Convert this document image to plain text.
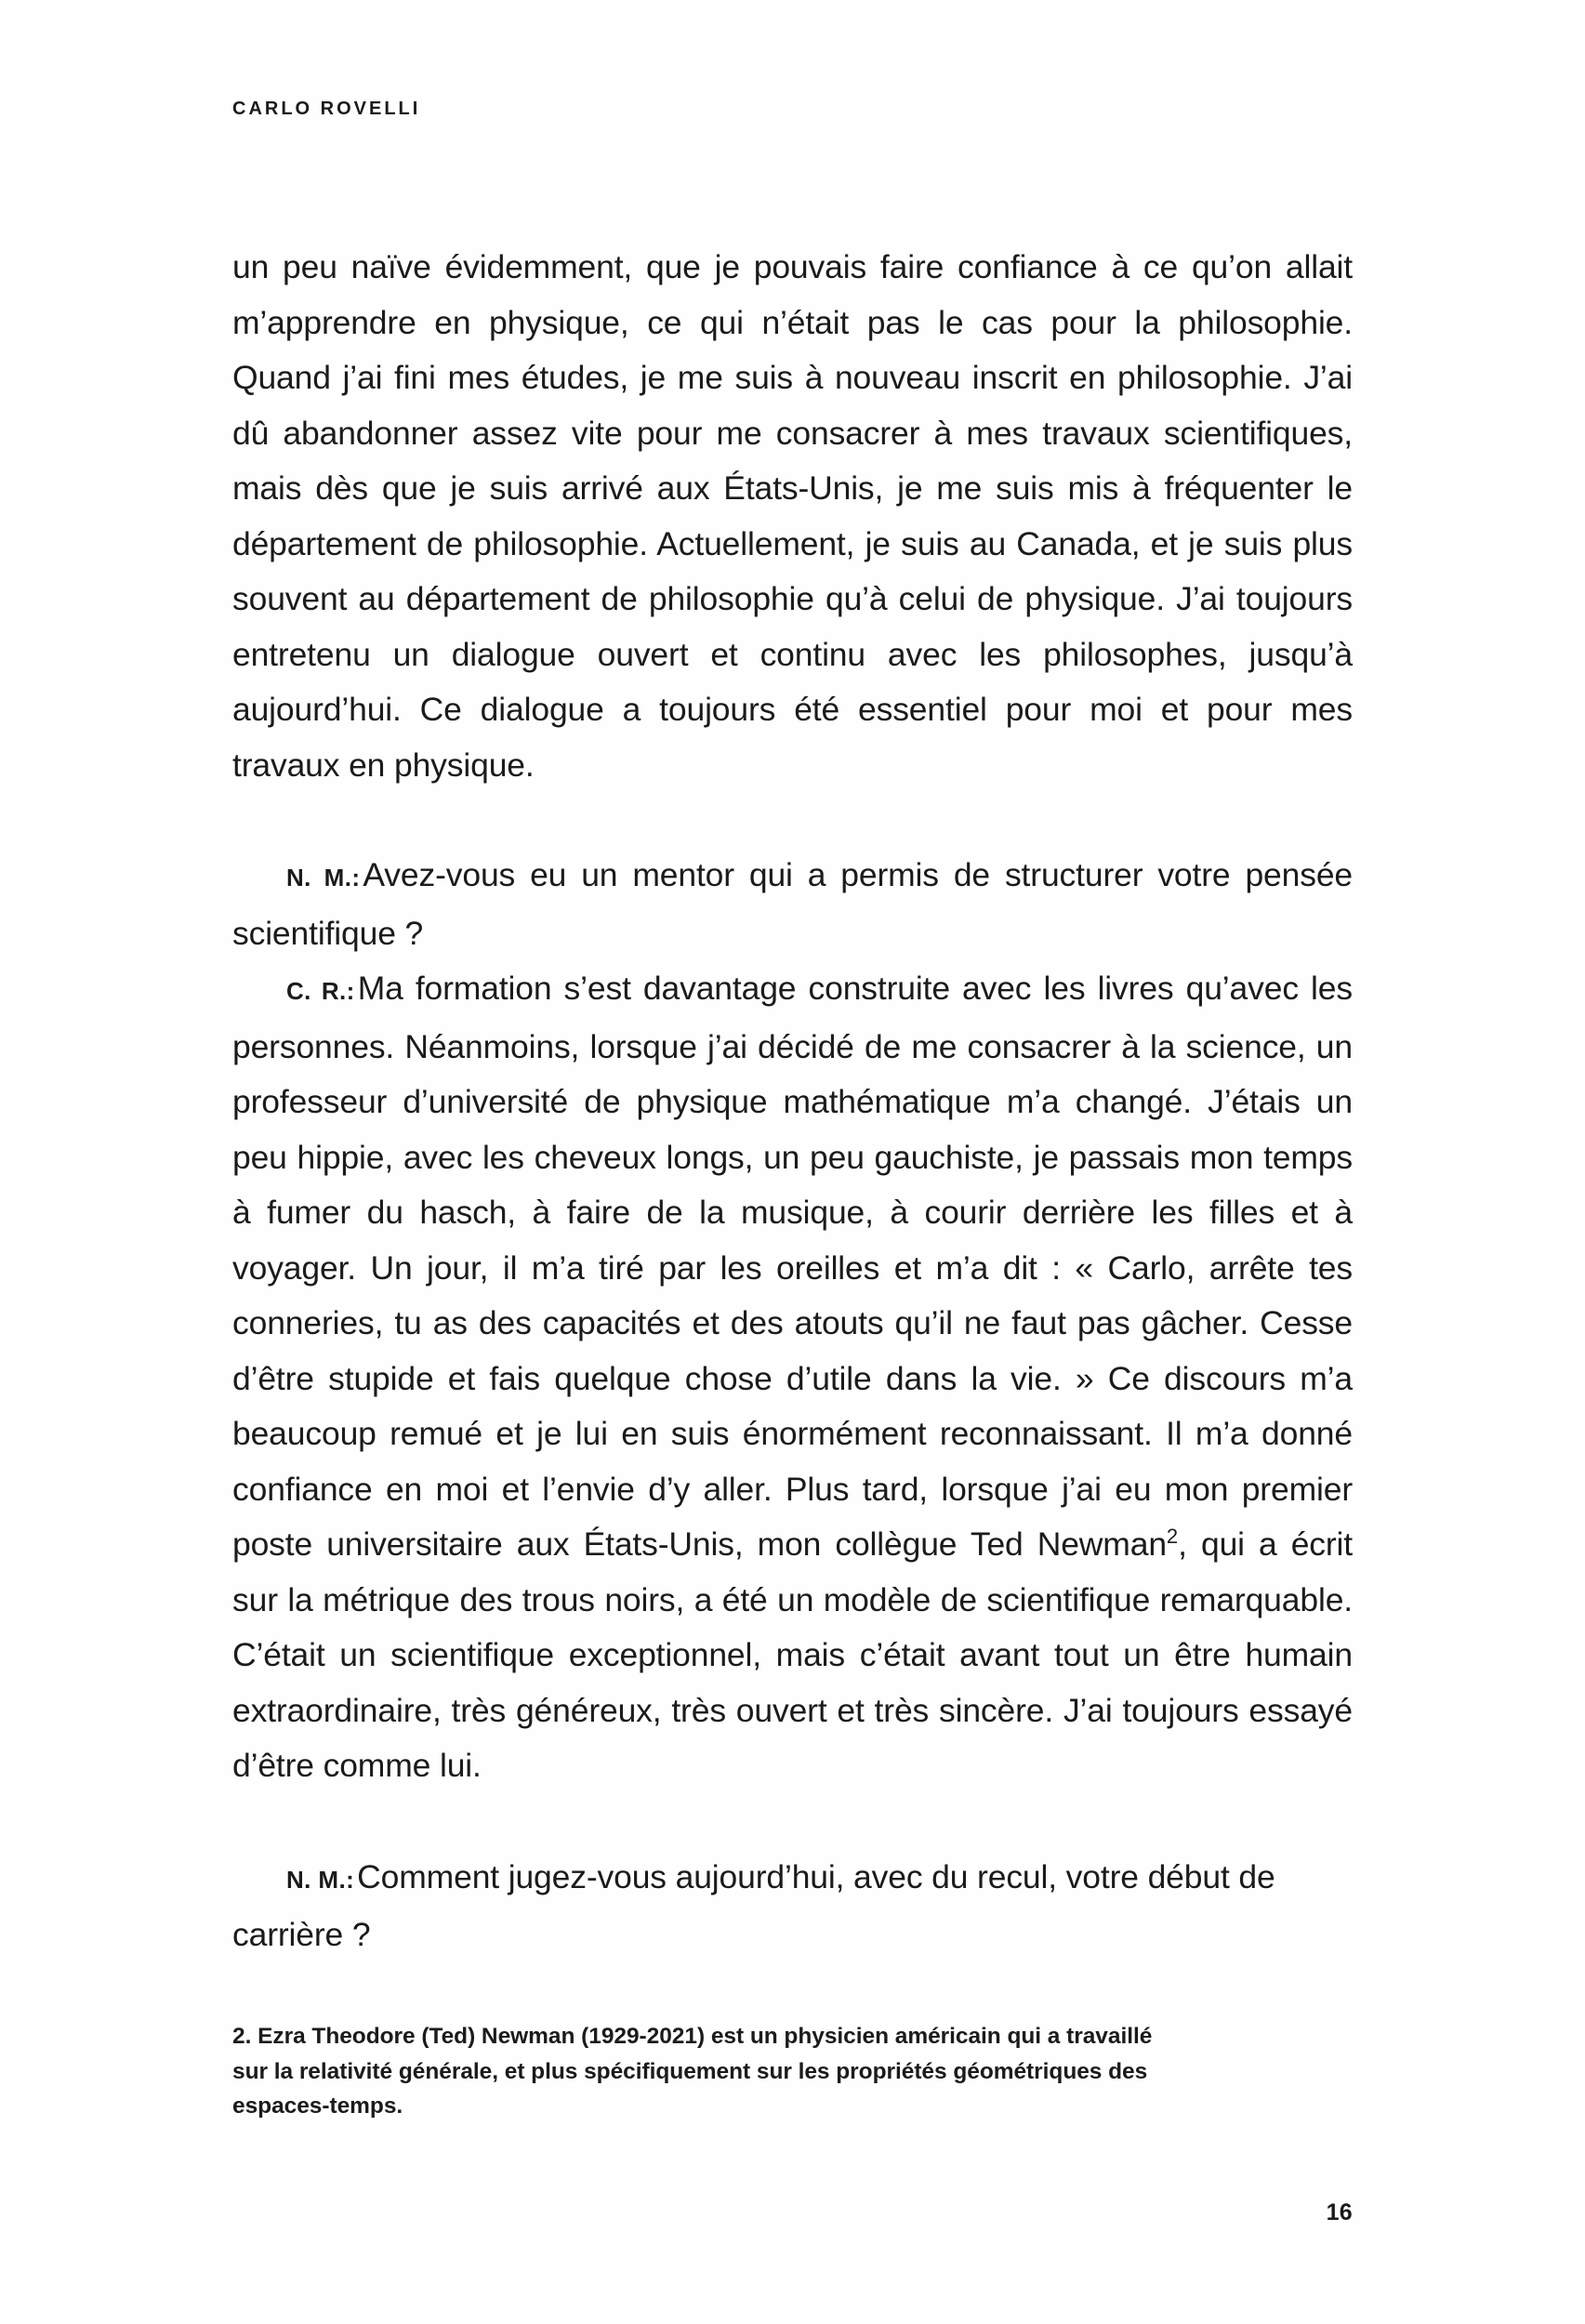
CARLO ROVELLI

un peu naïve évidemment, que je pouvais faire confiance à ce qu’on allait m’apprendre en physique, ce qui n’était pas le cas pour la philosophie. Quand j’ai fini mes études, je me suis à nouveau inscrit en philosophie. J’ai dû abandonner assez vite pour me consacrer à mes travaux scientifiques, mais dès que je suis arrivé aux États-Unis, je me suis mis à fréquenter le département de philosophie. Actuellement, je suis au Canada, et je suis plus souvent au département de philosophie qu’à celui de physique. J’ai toujours entretenu un dialogue ouvert et continu avec les philosophes, jusqu’à aujourd’hui. Ce dialogue a toujours été essentiel pour moi et pour mes travaux en physique.

N. M.:Avez-vous eu un mentor qui a permis de structurer votre pensée scientifique ?

C. R.:Ma formation s’est davantage construite avec les livres qu’avec les personnes. Néanmoins, lorsque j’ai décidé de me consacrer à la science, un professeur d’université de physique mathématique m’a changé. J’étais un peu hippie, avec les cheveux longs, un peu gauchiste, je passais mon temps à fumer du hasch, à faire de la musique, à courir derrière les filles et à voyager. Un jour, il m’a tiré par les oreilles et m’a dit : « Carlo, arrête tes conneries, tu as des capacités et des atouts qu’il ne faut pas gâcher. Cesse d’être stupide et fais quelque chose d’utile dans la vie. » Ce discours m’a beaucoup remué et je lui en suis énormément reconnaissant. Il m’a donné confiance en moi et l’envie d’y aller. Plus tard, lorsque j’ai eu mon premier poste universitaire aux États-Unis, mon collègue Ted Newman$^2$, qui a écrit sur la métrique des trous noirs, a été un modèle de scientifique remarquable. C’était un scientifique exceptionnel, mais c’était avant tout un être humain extraordinaire, très généreux, très ouvert et très sincère. J’ai toujours essayé d’être comme lui.

N. M.:Comment jugez-vous aujourd’hui, avec du recul, votre début de carrière ?

2. Ezra Theodore (Ted) Newman (1929-2021) est un physicien américain qui a travaillé sur la relativité générale, et plus spécifiquement sur les propriétés géométriques des espaces-temps.

16
